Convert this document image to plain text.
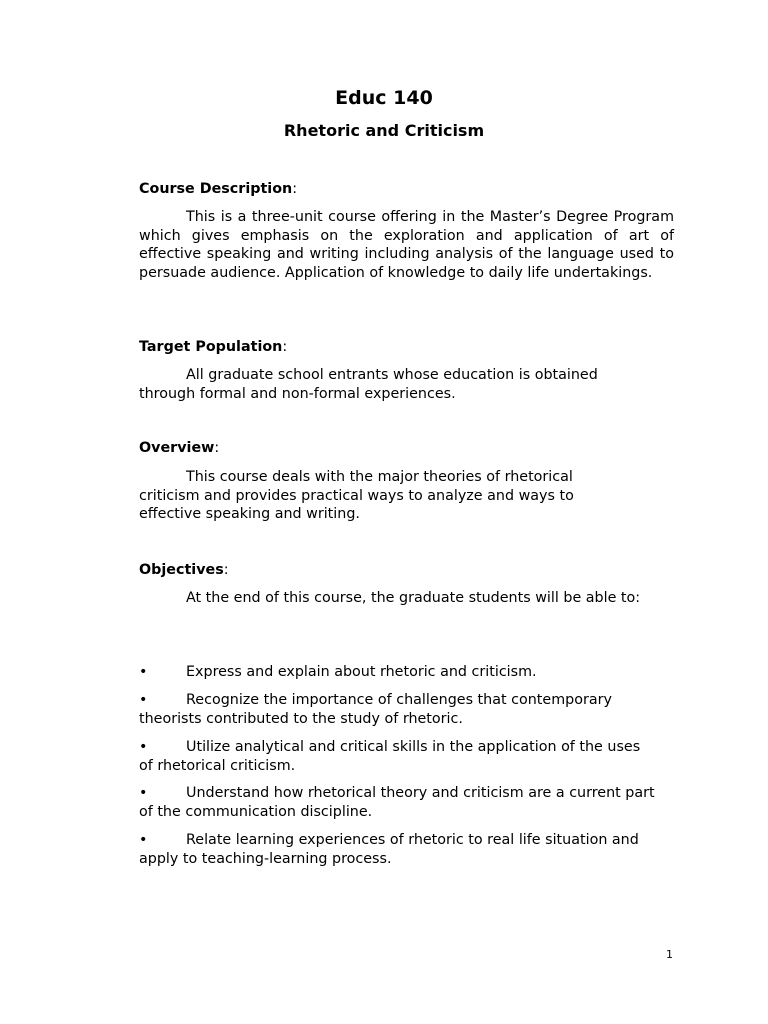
Educ 140
Rhetoric and Criticism

Course Description:

This is a three-unit course offering in the Master’s Degree Program which gives emphasis on the exploration and application of art of effective speaking and writing including analysis of the language used to persuade audience. Application of knowledge to daily life undertakings.

Target Population:

All graduate school entrants whose education is obtained through formal and non-formal experiences.

Overview:

This course deals with the major theories of rhetorical criticism and provides practical ways to analyze and ways to effective speaking and writing.

Objectives:

At the end of this course, the graduate students will be able to:

•	Express and explain about rhetoric and criticism.

•	Recognize the importance of challenges that contemporary theorists contributed to the study of rhetoric.

•	Utilize analytical and critical skills in the application of the uses of rhetorical criticism.

•	Understand how rhetorical theory and criticism are a current part of the communication discipline.

•	Relate learning experiences of rhetoric to real life situation and apply to teaching-learning process.

1
